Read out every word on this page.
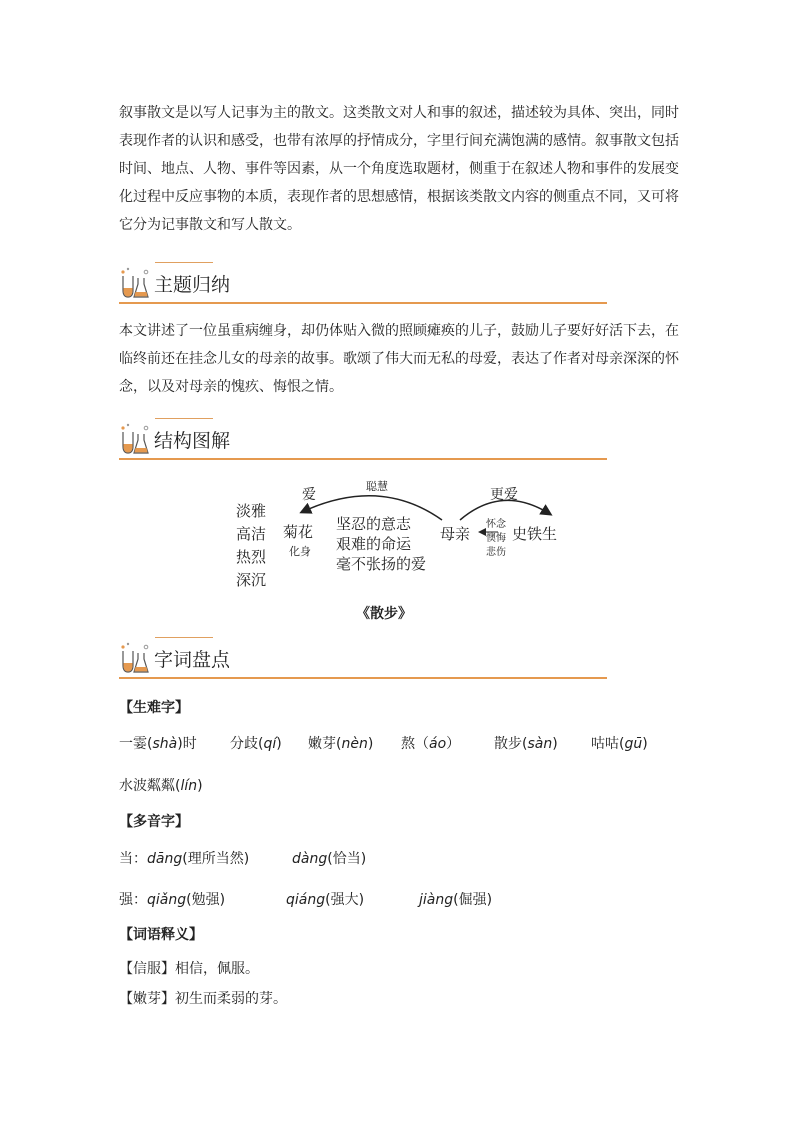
叙事散文是以写人记事为主的散文。这类散文对人和事的叙述，描述较为具体、突出，同时表现作者的认识和感受，也带有浓厚的抒情成分，字里行间充满饱满的感情。叙事散文包括时间、地点、人物、事件等因素，从一个角度选取题材，侧重于在叙述人物和事件的发展变化过程中反应事物的本质，表现作者的思想感情，根据该类散文内容的侧重点不同，又可将它分为记事散文和写人散文。

主题归纳

本文讲述了一位虽重病缠身，却仍体贴入微的照顾瘫痪的儿子，鼓励儿子要好好活下去，在临终前还在挂念儿女的母亲的故事。歌颂了伟大而无私的母爱，表达了作者对母亲深深的怀念，以及对母亲的愧疚、悔恨之情。

结构图解
淡雅
高洁
热烈
深沉
爱
聪慧
菊花
化身
坚忍的意志
艰难的命运
毫不张扬的爱
母亲
更爱
怀念
懊悔
悲伤
史铁生
《散步》
字词盘点
【生难字】
一霎(shà)时 分歧(qí) 嫩芽(nèn) 熬（áo） 散步(sàn) 咕咕(gū)
水波粼粼(lín)
【多音字】
当： dāng(理所当然)	dàng(恰当)
强： qiǎng(勉强)	qiáng(强大)	jiàng(倔强)
【词语释义】
【信服】相信，佩服。
【嫩芽】初生而柔弱的芽。
